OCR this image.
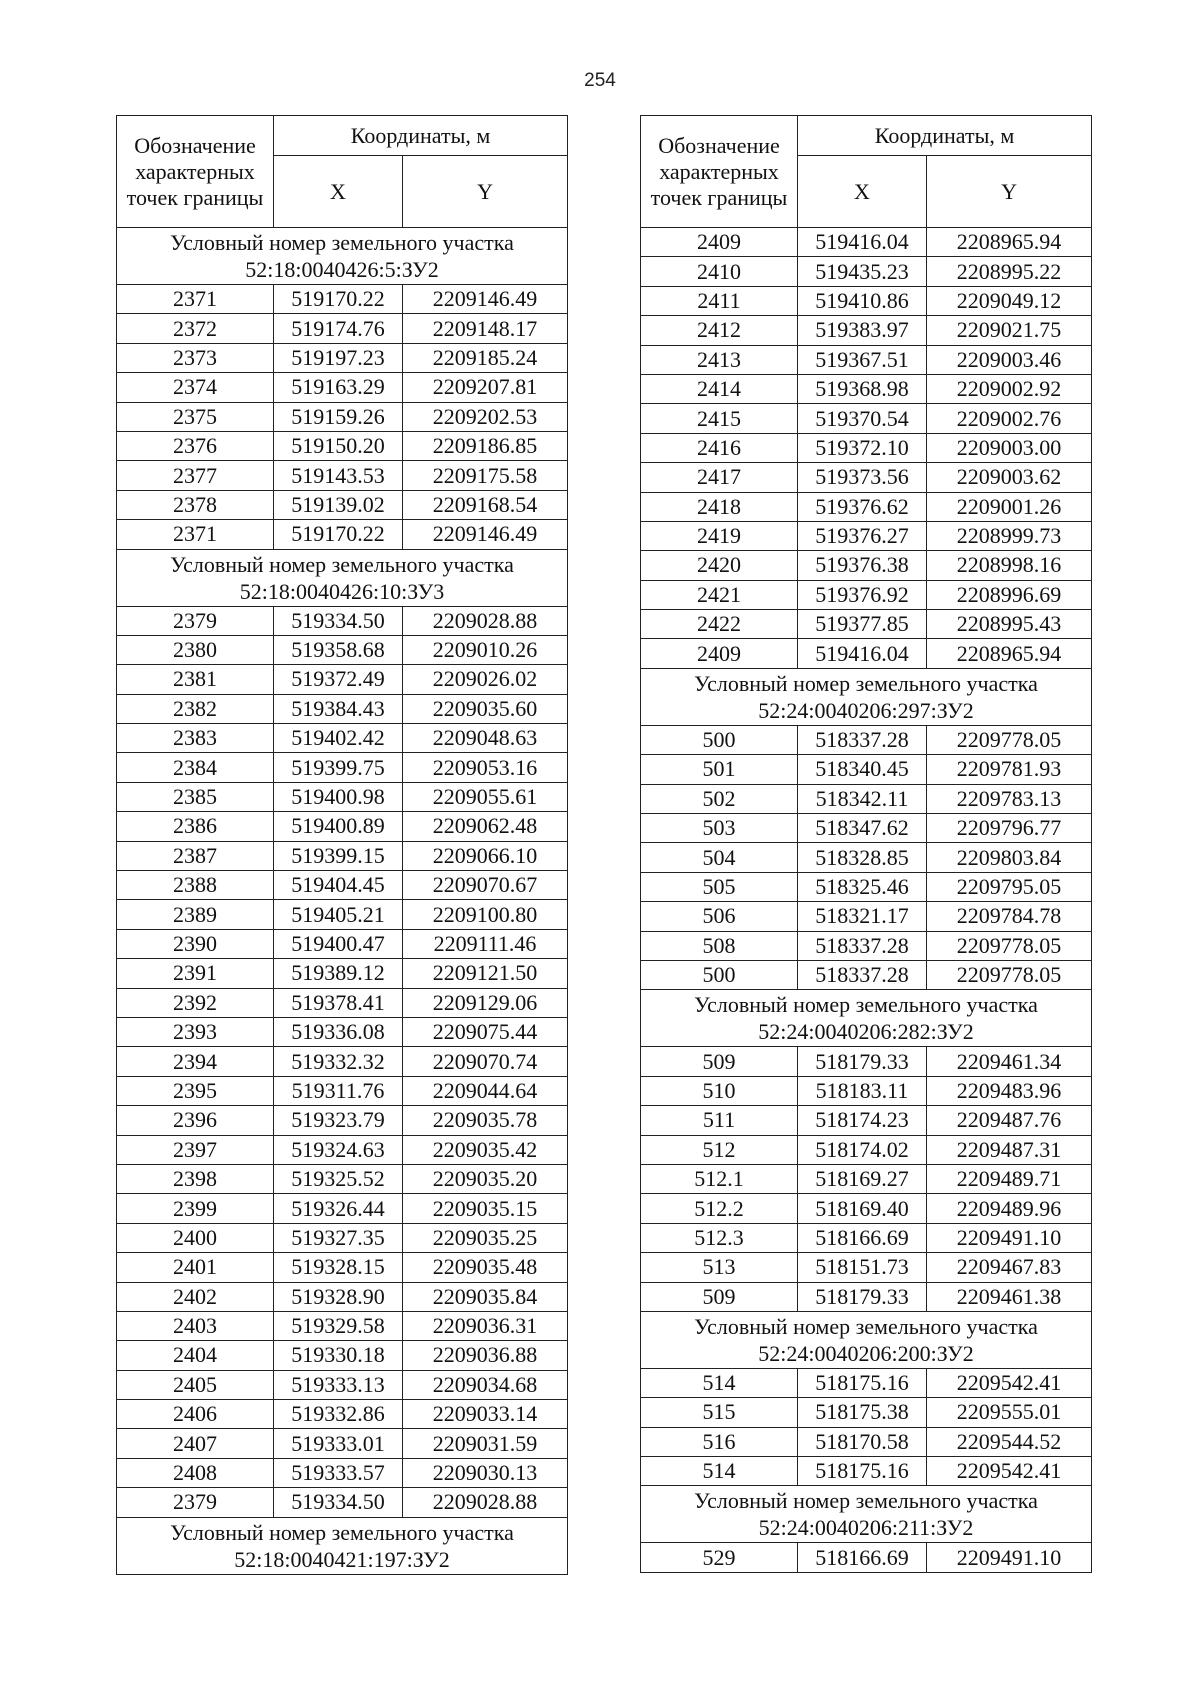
254
Обозначение характерных точек границы	Координаты, м	
	X	Y

Условный номер земельного участка
52:18:0040426:5:ЗУ2		

2371	519170.22	2209146.49
2372	519174.76	2209148.17
2373	519197.23	2209185.24
2374	519163.29	2209207.81
2375	519159.26	2209202.53
2376	519150.20	2209186.85
2377	519143.53	2209175.58
2378	519139.02	2209168.54
2371	519170.22	2209146.49

Условный номер земельного участка
52:18:0040426:10:ЗУ3		

2379	519334.50	2209028.88
2380	519358.68	2209010.26
2381	519372.49	2209026.02
2382	519384.43	2209035.60
2383	519402.42	2209048.63
2384	519399.75	2209053.16
2385	519400.98	2209055.61
2386	519400.89	2209062.48
2387	519399.15	2209066.10
2388	519404.45	2209070.67
2389	519405.21	2209100.80
2390	519400.47	2209111.46
2391	519389.12	2209121.50
2392	519378.41	2209129.06
2393	519336.08	2209075.44
2394	519332.32	2209070.74
2395	519311.76	2209044.64
2396	519323.79	2209035.78
2397	519324.63	2209035.42
2398	519325.52	2209035.20
2399	519326.44	2209035.15
2400	519327.35	2209035.25
2401	519328.15	2209035.48
2402	519328.90	2209035.84
2403	519329.58	2209036.31
2404	519330.18	2209036.88
2405	519333.13	2209034.68
2406	519332.86	2209033.14
2407	519333.01	2209031.59
2408	519333.57	2209030.13
2379	519334.50	2209028.88

Условный номер земельного участка
52:18:0040421:197:ЗУ2		
Обозначение характерных точек границы	Координаты, м	
	X	Y
2409	519416.04	2208965.94
2410	519435.23	2208995.22
2411	519410.86	2209049.12
2412	519383.97	2209021.75
2413	519367.51	2209003.46
2414	519368.98	2209002.92
2415	519370.54	2209002.76
2416	519372.10	2209003.00
2417	519373.56	2209003.62
2418	519376.62	2209001.26
2419	519376.27	2208999.73
2420	519376.38	2208998.16
2421	519376.92	2208996.69
2422	519377.85	2208995.43
2409	519416.04	2208965.94

Условный номер земельного участка
52:24:0040206:297:ЗУ2		

500	518337.28	2209778.05
501	518340.45	2209781.93
502	518342.11	2209783.13
503	518347.62	2209796.77
504	518328.85	2209803.84
505	518325.46	2209795.05
506	518321.17	2209784.78
508	518337.28	2209778.05
500	518337.28	2209778.05

Условный номер земельного участка
52:24:0040206:282:ЗУ2		

509	518179.33	2209461.34
510	518183.11	2209483.96
511	518174.23	2209487.76
512	518174.02	2209487.31
512.1	518169.27	2209489.71
512.2	518169.40	2209489.96
512.3	518166.69	2209491.10
513	518151.73	2209467.83
509	518179.33	2209461.38

Условный номер земельного участка
52:24:0040206:200:ЗУ2		

514	518175.16	2209542.41
515	518175.38	2209555.01
516	518170.58	2209544.52
514	518175.16	2209542.41

Условный номер земельного участка
52:24:0040206:211:ЗУ2		

529	518166.69	2209491.10
